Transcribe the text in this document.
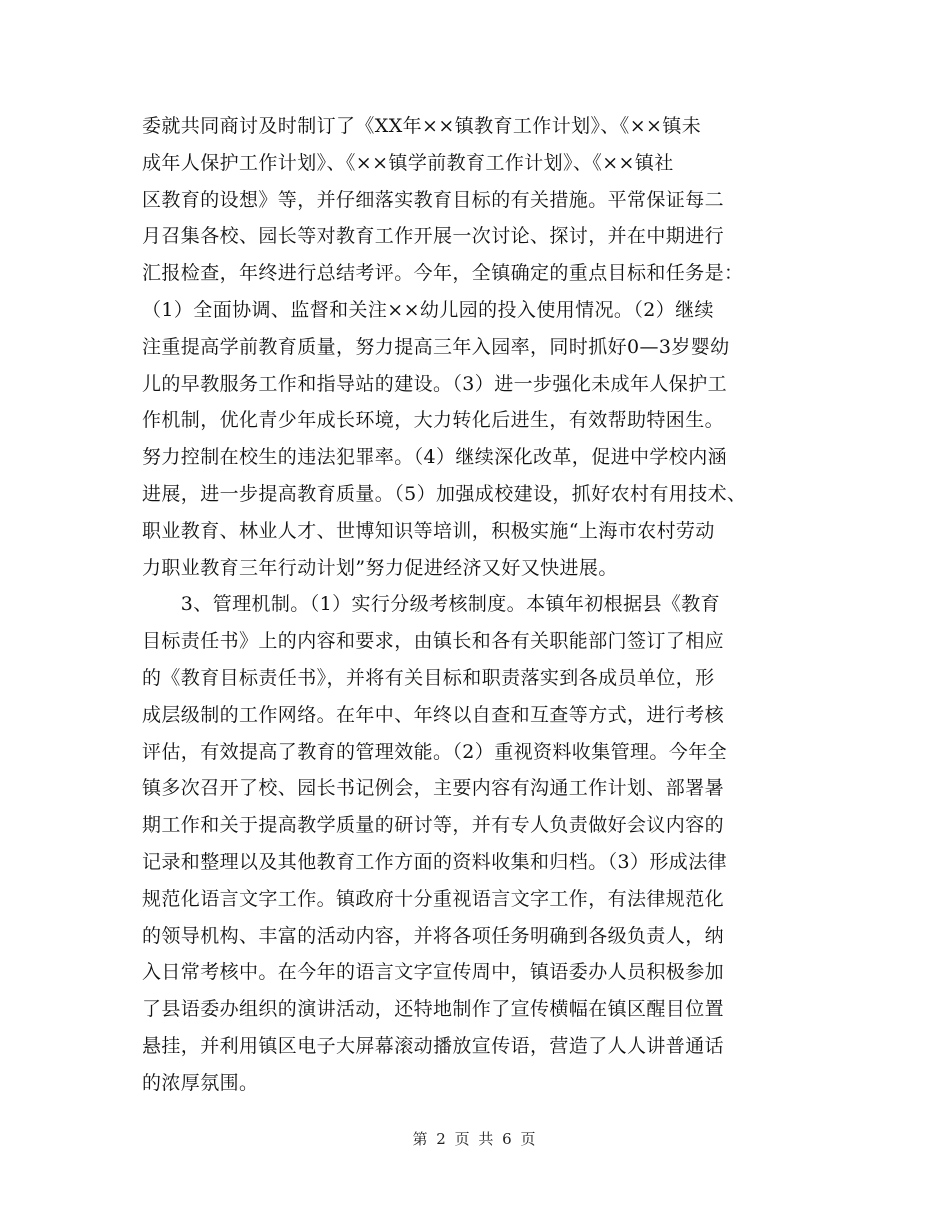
委就共同商讨及时制订了《XX年××镇教育工作计划》、《××镇未
成年人保护工作计划》、《××镇学前教育工作计划》、《××镇社
区教育的设想》等，并仔细落实教育目标的有关措施。平常保证每二
月召集各校、园长等对教育工作开展一次讨论、探讨，并在中期进行
汇报检查，年终进行总结考评。今年，全镇确定的重点目标和任务是：
（1）全面协调、监督和关注××幼儿园的投入使用情况。（2）继续
注重提高学前教育质量，努力提高三年入园率，同时抓好0—3岁婴幼
儿的早教服务工作和指导站的建设。（3）进一步强化未成年人保护工
作机制，优化青少年成长环境，大力转化后进生，有效帮助特困生。
努力控制在校生的违法犯罪率。（4）继续深化改革，促进中学校内涵
进展，进一步提高教育质量。（5）加强成校建设，抓好农村有用技术、
职业教育、林业人才、世博知识等培训，积极实施“上海市农村劳动
力职业教育三年行动计划”努力促进经济又好又快进展。
　　3、管理机制。（1）实行分级考核制度。本镇年初根据县《教育
目标责任书》上的内容和要求，由镇长和各有关职能部门签订了相应
的《教育目标责任书》，并将有关目标和职责落实到各成员单位，形
成层级制的工作网络。在年中、年终以自查和互查等方式，进行考核
评估，有效提高了教育的管理效能。（2）重视资料收集管理。今年全
镇多次召开了校、园长书记例会，主要内容有沟通工作计划、部署暑
期工作和关于提高教学质量的研讨等，并有专人负责做好会议内容的
记录和整理以及其他教育工作方面的资料收集和归档。（3）形成法律
规范化语言文字工作。镇政府十分重视语言文字工作，有法律规范化
的领导机构、丰富的活动内容，并将各项任务明确到各级负责人，纳
入日常考核中。在今年的语言文字宣传周中，镇语委办人员积极参加
了县语委办组织的演讲活动，还特地制作了宣传横幅在镇区醒目位置
悬挂，并利用镇区电子大屏幕滚动播放宣传语，营造了人人讲普通话
的浓厚氛围。
第 2 页 共 6 页
